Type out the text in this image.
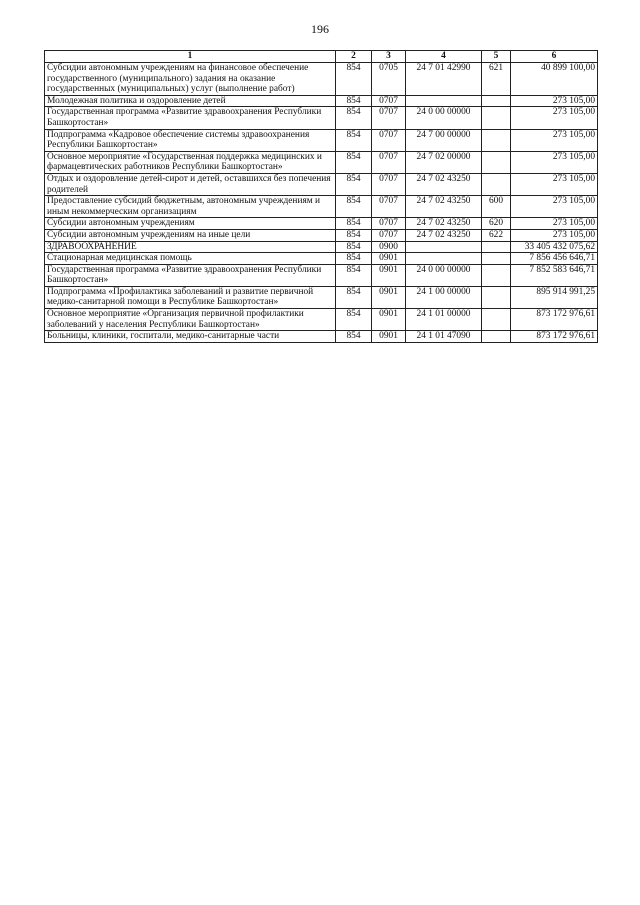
196
1	2	3	4	5	6
Субсидии автономным учреждениям на финансовое обеспечение государственного (муниципального) задания на оказание государственных (муниципальных) услуг (выполнение работ)	854	0705	24 7 01 42990	621	40 899 100,00
Молодежная политика и оздоровление детей	854	0707			273 105,00
Государственная программа «Развитие здравоохранения Республики Башкортостан»	854	0707	24 0 00 00000		273 105,00
Подпрограмма «Кадровое обеспечение системы здравоохранения Республики Башкортостан»	854	0707	24 7 00 00000		273 105,00
Основное мероприятие «Государственная поддержка медицинских и фармацевтических работников Республики Башкортостан»	854	0707	24 7 02 00000		273 105,00
Отдых и оздоровление детей-сирот и детей, оставшихся без попечения родителей	854	0707	24 7 02 43250		273 105,00
Предоставление субсидий бюджетным, автономным учреждениям и иным некоммерческим организациям	854	0707	24 7 02 43250	600	273 105,00
Субсидии автономным учреждениям	854	0707	24 7 02 43250	620	273 105,00
Субсидии автономным учреждениям на иные цели	854	0707	24 7 02 43250	622	273 105,00
ЗДРАВООХРАНЕНИЕ	854	0900			33 405 432 075,62
Стационарная медицинская помощь	854	0901			7 856 456 646,71
Государственная программа «Развитие здравоохранения Республики Башкортостан»	854	0901	24 0 00 00000		7 852 583 646,71
Подпрограмма «Профилактика заболеваний и развитие первичной медико-санитарной помощи в Республике Башкортостан»	854	0901	24 1 00 00000		895 914 991,25
Основное мероприятие «Организация первичной профилактики заболеваний у населения Республики Башкортостан»	854	0901	24 1 01 00000		873 172 976,61
Больницы, клиники, госпитали, медико-санитарные части	854	0901	24 1 01 47090		873 172 976,61
